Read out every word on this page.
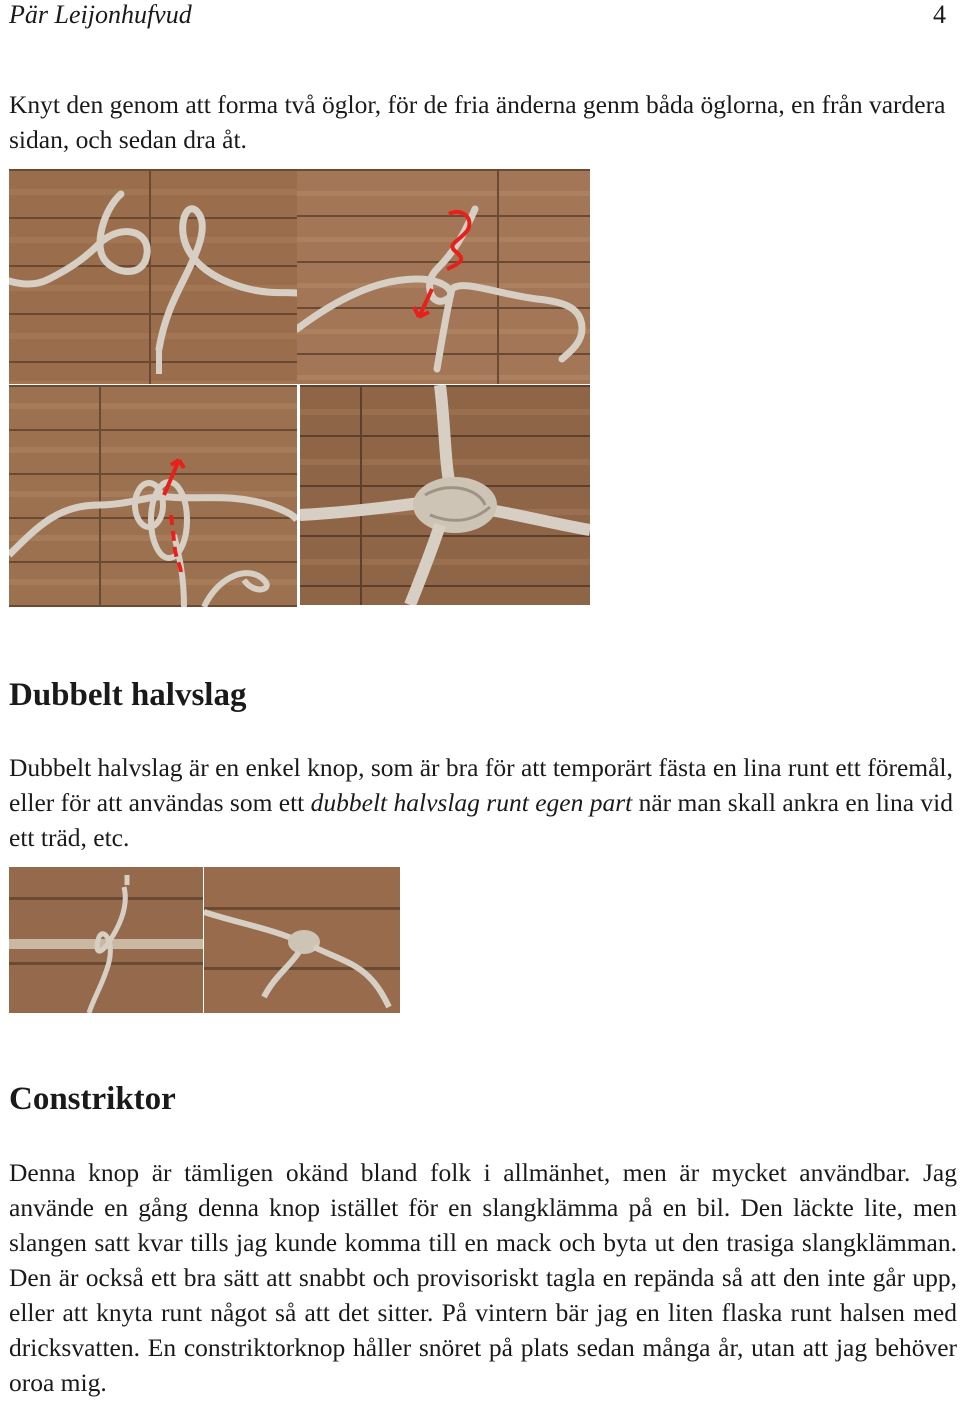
Pär Leijonhufvud	4
Knyt den genom att forma två öglor, för de fria änderna genm båda öglorna, en från vardera sidan, och sedan dra åt.
Dubbelt halvslag
Dubbelt halvslag är en enkel knop, som är bra för att temporärt fästa en lina runt ett föremål, eller för att användas som ett dubbelt halvslag runt egen part när man skall ankra en lina vid ett träd, etc.
Constriktor
Denna knop är tämligen okänd bland folk i allmänhet, men är mycket användbar. Jag använde en gång denna knop istället för en slangklämma på en bil. Den läckte lite, men slangen satt kvar tills jag kunde komma till en mack och byta ut den trasiga slangklämman. Den är också ett bra sätt att snabbt och provisoriskt tagla en repända så att den inte går upp, eller att knyta runt något så att det sitter. På vintern bär jag en liten flaska runt halsen med dricksvatten. En constriktorknop håller snöret på plats sedan många år, utan att jag behöver oroa mig.
